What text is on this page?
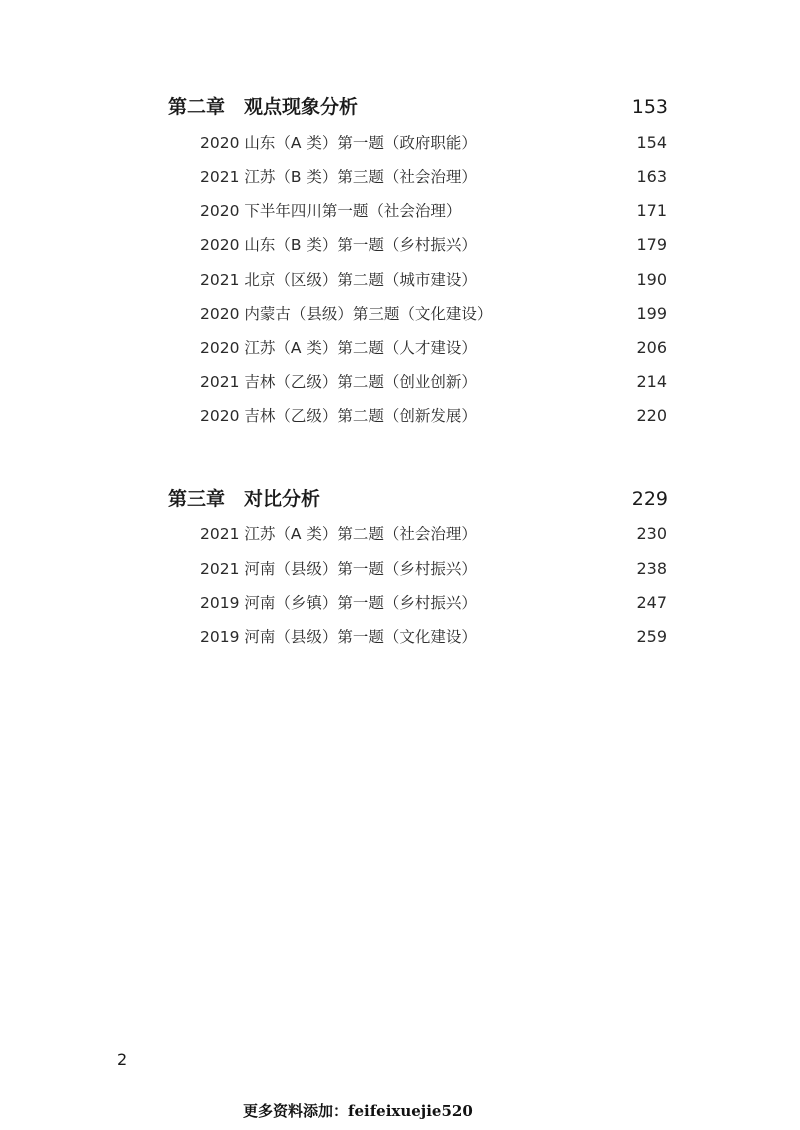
第二章　观点现象分析	153
2020 山东（A 类）第一题（政府职能）	154
2021 江苏（B 类）第三题（社会治理）	163
2020 下半年四川第一题（社会治理）	171
2020 山东（B 类）第一题（乡村振兴）	179
2021 北京（区级）第二题（城市建设）	190
2020 内蒙古（县级）第三题（文化建设）	199
2020 江苏（A 类）第二题（人才建设）	206
2021 吉林（乙级）第二题（创业创新）	214
2020 吉林（乙级）第二题（创新发展）	220
第三章　对比分析	229
2021 江苏（A 类）第二题（社会治理）	230
2021 河南（县级）第一题（乡村振兴）	238
2019 河南（乡镇）第一题（乡村振兴）	247
2019 河南（县级）第一题（文化建设）	259
2
更多资料添加：feifeixuejie520
